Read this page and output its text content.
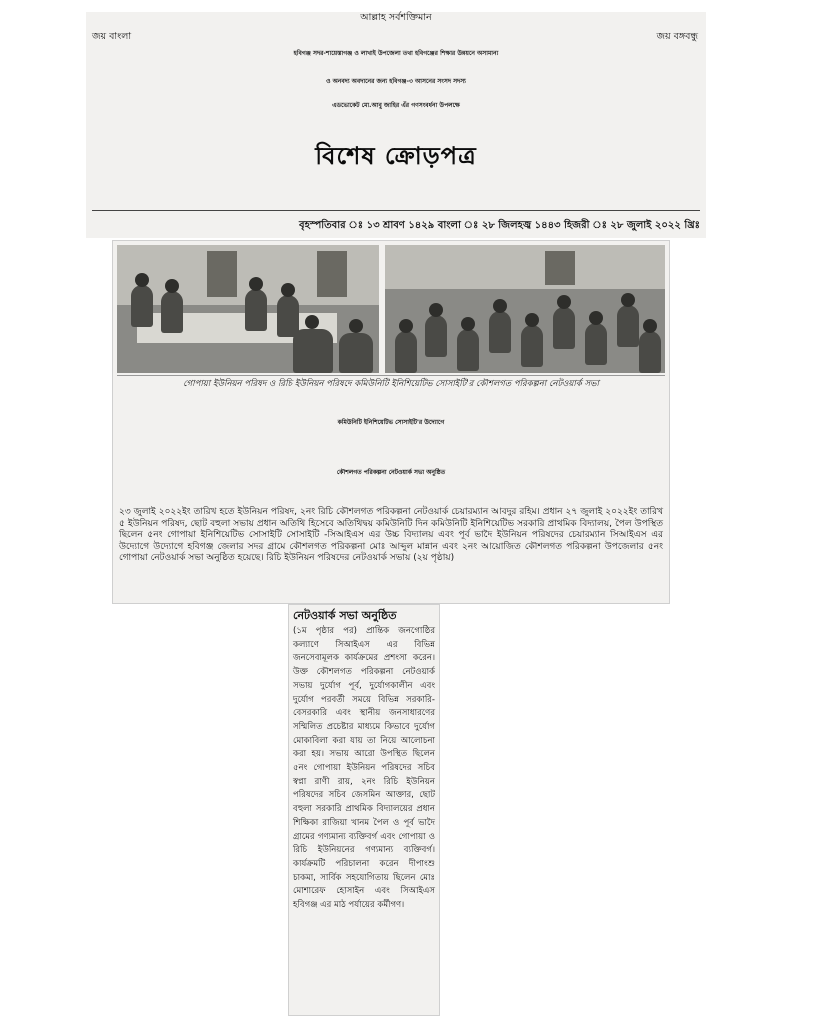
আল্লাহ সর্বশক্তিমান
জয় বাংলা	জয় বঙ্গবন্ধু
হবিগঞ্জ সদর-শায়েস্তাগঞ্জ ও লাখাই উপজেলা তথা হবিগঞ্জের শিক্ষার উন্নয়নে অসামান্য
ও অনবদ্য অবদানের জন্য হবিগঞ্জ-৩ আসনের সংসদ সদস্য
এডভোকেট মো.আবু জাহির এঁর গণসংবর্ধনা উপলক্ষে
বিশেষ ক্রোড়পত্র
বৃহস্পতিবার ঃ ১৩ শ্রাবণ ১৪২৯ বাংলা ঃ ২৮ জিলহজ্ব ১৪৪৩ হিজরী ঃ ২৮ জুলাই ২০২২ খ্রিঃ
গোপায়া ইউনিয়ন পরিষদ ও রিচি ইউনিয়ন পরিষদে কমিউনিটি ইনিশিয়েটিভ সোসাইটি'র কৌশলগত পরিকল্পনা নেটওয়ার্ক সভা
কমিউনিটি ইনিশিয়েটিভ সোসাইটি'র উদ্যোগে
কৌশলগত পরিকল্পনা নেটওয়ার্ক সভা অনুষ্ঠিত
২৩ জুলাই ২০২২ইং তারিখ হতে ইউনিয়ন পরিষদ, ২নং রিচি কৌশলগত পরিকল্পনা নেটওয়ার্ক চেয়ারম্যান আবদুর রহিম। প্রধান ২৭ জুলাই ২০২২ইং তারিখ ৫ ইউনিয়ন পরিষদ, ছোট বহুলা সভায় প্রধান অতিথি হিসেবে অতিথিদ্বয় কমিউনিটি দিন কমিউনিটি ইনিশিয়েটিভ সরকারি প্রাথমিক বিদ্যালয়, পৈল উপস্থিত ছিলেন ৫নং গোপায়া ইনিশিয়েটিভ সোসাইটি সোসাইটি -সিআইএস এর উচ্চ বিদ্যালয় এবং পূর্ব ভাদৈ ইউনিয়ন পরিষদের চেয়ারম্যান সিআইএস এর উদ্যোগে উদ্যোগে হবিগঞ্জ জেলার সদর গ্রামে কৌশলগত পরিকল্পনা মোঃ আব্দুল মান্নান এবং ২নং আয়োজিত কৌশলগত পরিকল্পনা উপজেলার ৫নং গোপায়া নেটওয়ার্ক সভা অনুষ্ঠিত হয়েছে। রিচি ইউনিয়ন পরিষদের নেটওয়ার্ক সভায় (২য় পৃষ্ঠায়)
নেটওয়ার্ক সভা অনুষ্ঠিত
(১ম পৃষ্ঠার পর) প্রান্তিক জনগোষ্ঠির কল্যাণে সিআইএস এর বিভিন্ন জনসেবামূলক কার্যক্রমের প্রশংসা করেন। উক্ত কৌশলগত পরিকল্পনা নেটওয়ার্ক সভায় দুর্যোগ পূর্ব, দুর্যোগকালীন এবং দুর্যোগ পরবর্তী সময়ে বিভিন্ন সরকারি-বেসরকারি এবং স্থানীয় জনসাধারণের সম্মিলিত প্রচেষ্টার মাধ্যমে কিভাবে দুর্যোগ মোকাবিলা করা যায় তা নিয়ে আলোচনা করা হয়। সভায় আরো উপস্থিত ছিলেন ৫নং গোপায়া ইউনিয়ন পরিষদের সচিব স্বপ্না রাণী রায়, ২নং রিচি ইউনিয়ন পরিষদের সচিব জেসমিন আক্তার, ছোট বহুলা সরকারি প্রাথমিক বিদ্যালয়ের প্রধান শিক্ষিকা রাজিয়া খানম পৈল ও পূর্ব ভাদৈ গ্রামের গণ্যমান্য ব্যক্তিবর্গ এবং গোপায়া ও রিচি ইউনিয়নের গণ্যমান্য ব্যক্তিবর্গ। কার্যক্রমটি পরিচালনা করেন দীপাংশু চাকমা, সার্বিক সহযোগিতায় ছিলেন মোঃ মোশারেফ হোসাইন এবং সিআইএস হবিগঞ্জ এর মাঠ পর্যায়ের কর্মীগণ।
